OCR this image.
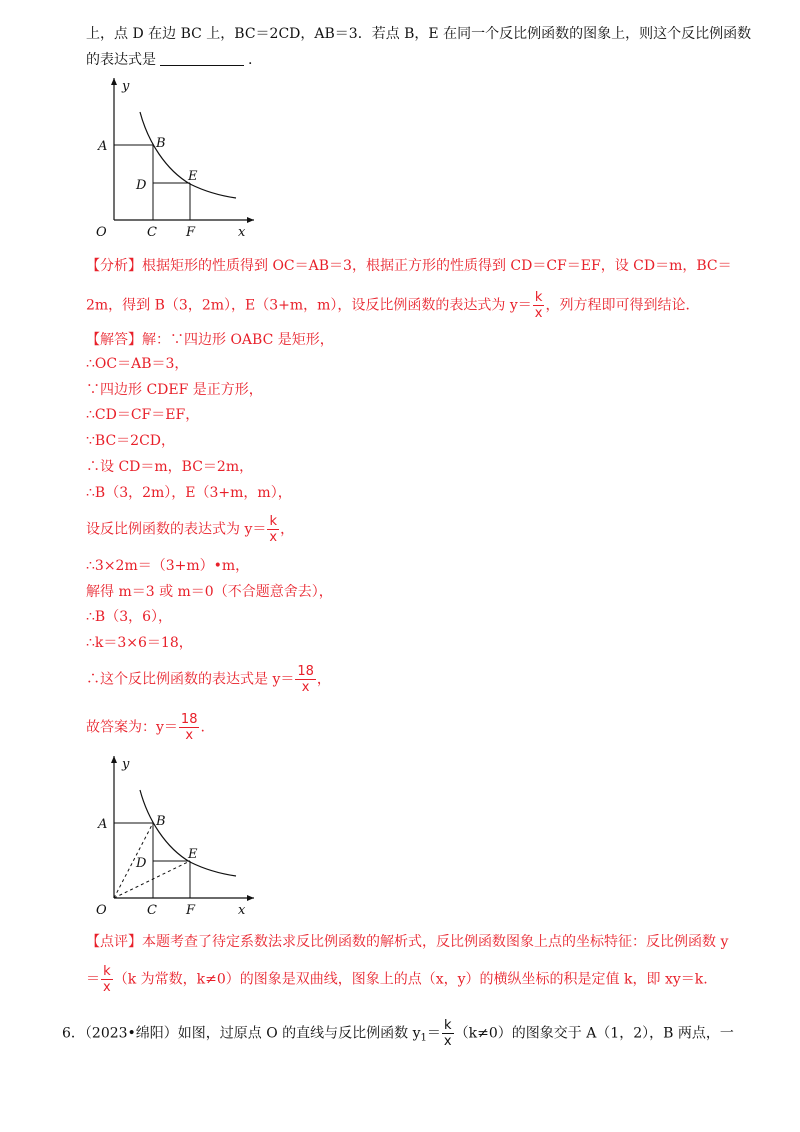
上，点 D 在边 BC 上，BC＝2CD，AB＝3．若点 B，E 在同一个反比例函数的图象上，则这个反比例函数
的表达式是	.
y
x
O
A	B
C
D
E
F
【分析】根据矩形的性质得到 OC＝AB＝3，根据正方形的性质得到 CD＝CF＝EF，设 CD＝m，BC＝
2m，得到 B（3，2m），E（3+m，m），设反比例函数的表达式为 $y= \frac{k}{x}$ ，列方程即可得到结论．
【解答】解：∵四边形 OABC 是矩形，
∴OC＝AB＝3，
∵四边形 CDEF 是正方形，
∴CD＝CF＝EF，
∵BC＝2CD，
∴设 CD＝m，BC＝2m，
∴B（3，2m），E（3+m，m），
设反比例函数的表达式为 $y= \frac{k}{x}$ ，
∴3×2m＝（3+m）•m，
解得 m＝3 或 m＝0（不合题意舍去），
∴B（3，6），
∴k＝3×6＝18，
∴这个反比例函数的表达式是 $y= \frac{18}{x}$ ，
故答案为：$y= \frac{18}{x}$ .
y
x
O
A	B
C
D
E
F
【点评】本题考查了待定系数法求反比例函数的解析式，反比例函数图象上点的坐标特征：反比例函数 y
＝ $\frac{k}{x} (k$ 为常数，k≠0）的图象是双曲线，图象上的点（x，y）的横纵坐标的积是定值 k，即 xy＝k.
6．（2023•绵阳）如图，过原点 O 的直线与反比例函数 $y_1= \frac{k}{x} (k\ne 0)$的图象交于 A（1，2），B 两点，一
